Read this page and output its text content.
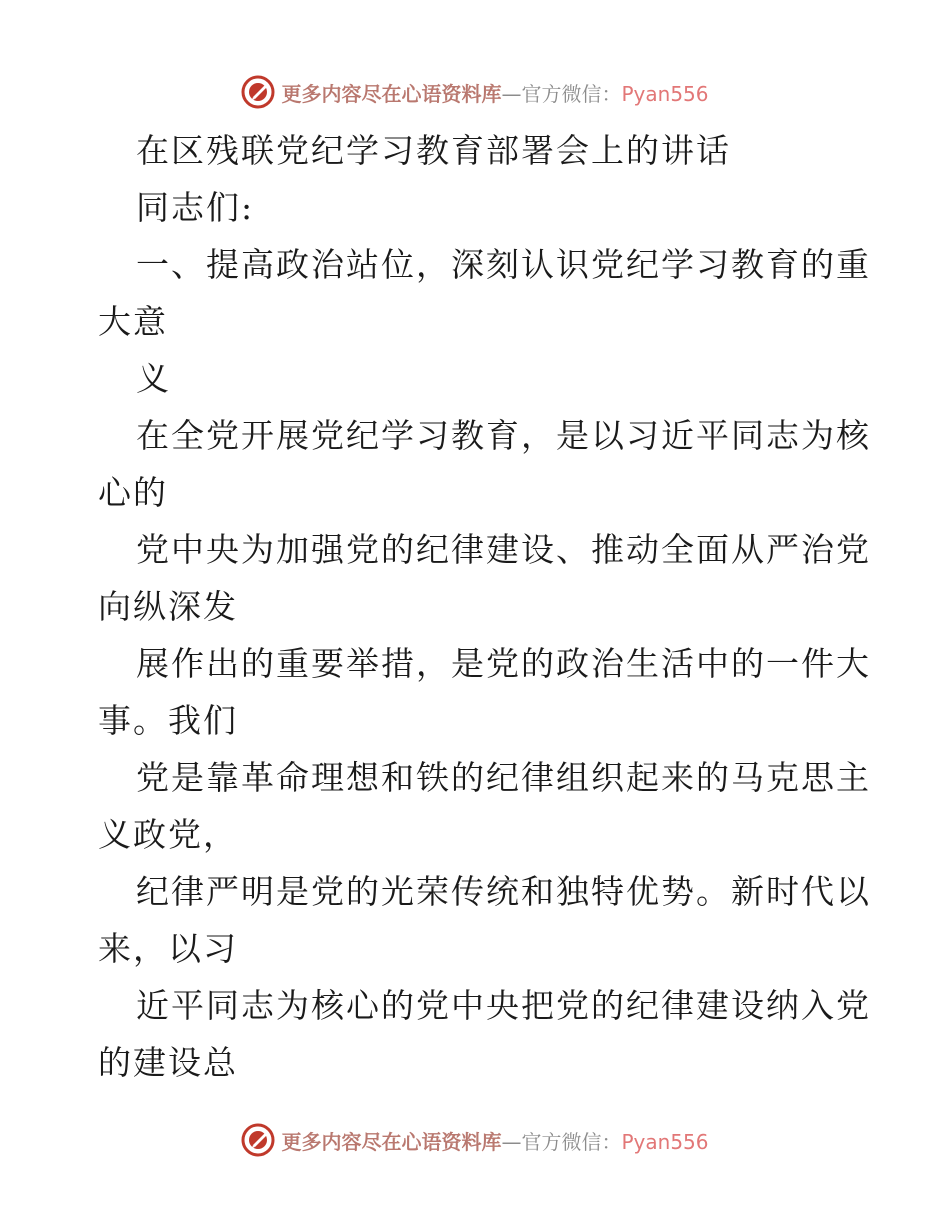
更多内容尽在心语资料库—官方微信：Pyan556
在区残联党纪学习教育部署会上的讲话
同志们:
一、提高政治站位，深刻认识党纪学习教育的重
大意
义
在全党开展党纪学习教育，是以习近平同志为核
心的
党中央为加强党的纪律建设、推动全面从严治党
向纵深发
展作出的重要举措，是党的政治生活中的一件大
事。我们
党是靠革命理想和铁的纪律组织起来的马克思主
义政党，
纪律严明是党的光荣传统和独特优势。新时代以
来，以习
近平同志为核心的党中央把党的纪律建设纳入党
的建设总
更多内容尽在心语资料库—官方微信：Pyan556
